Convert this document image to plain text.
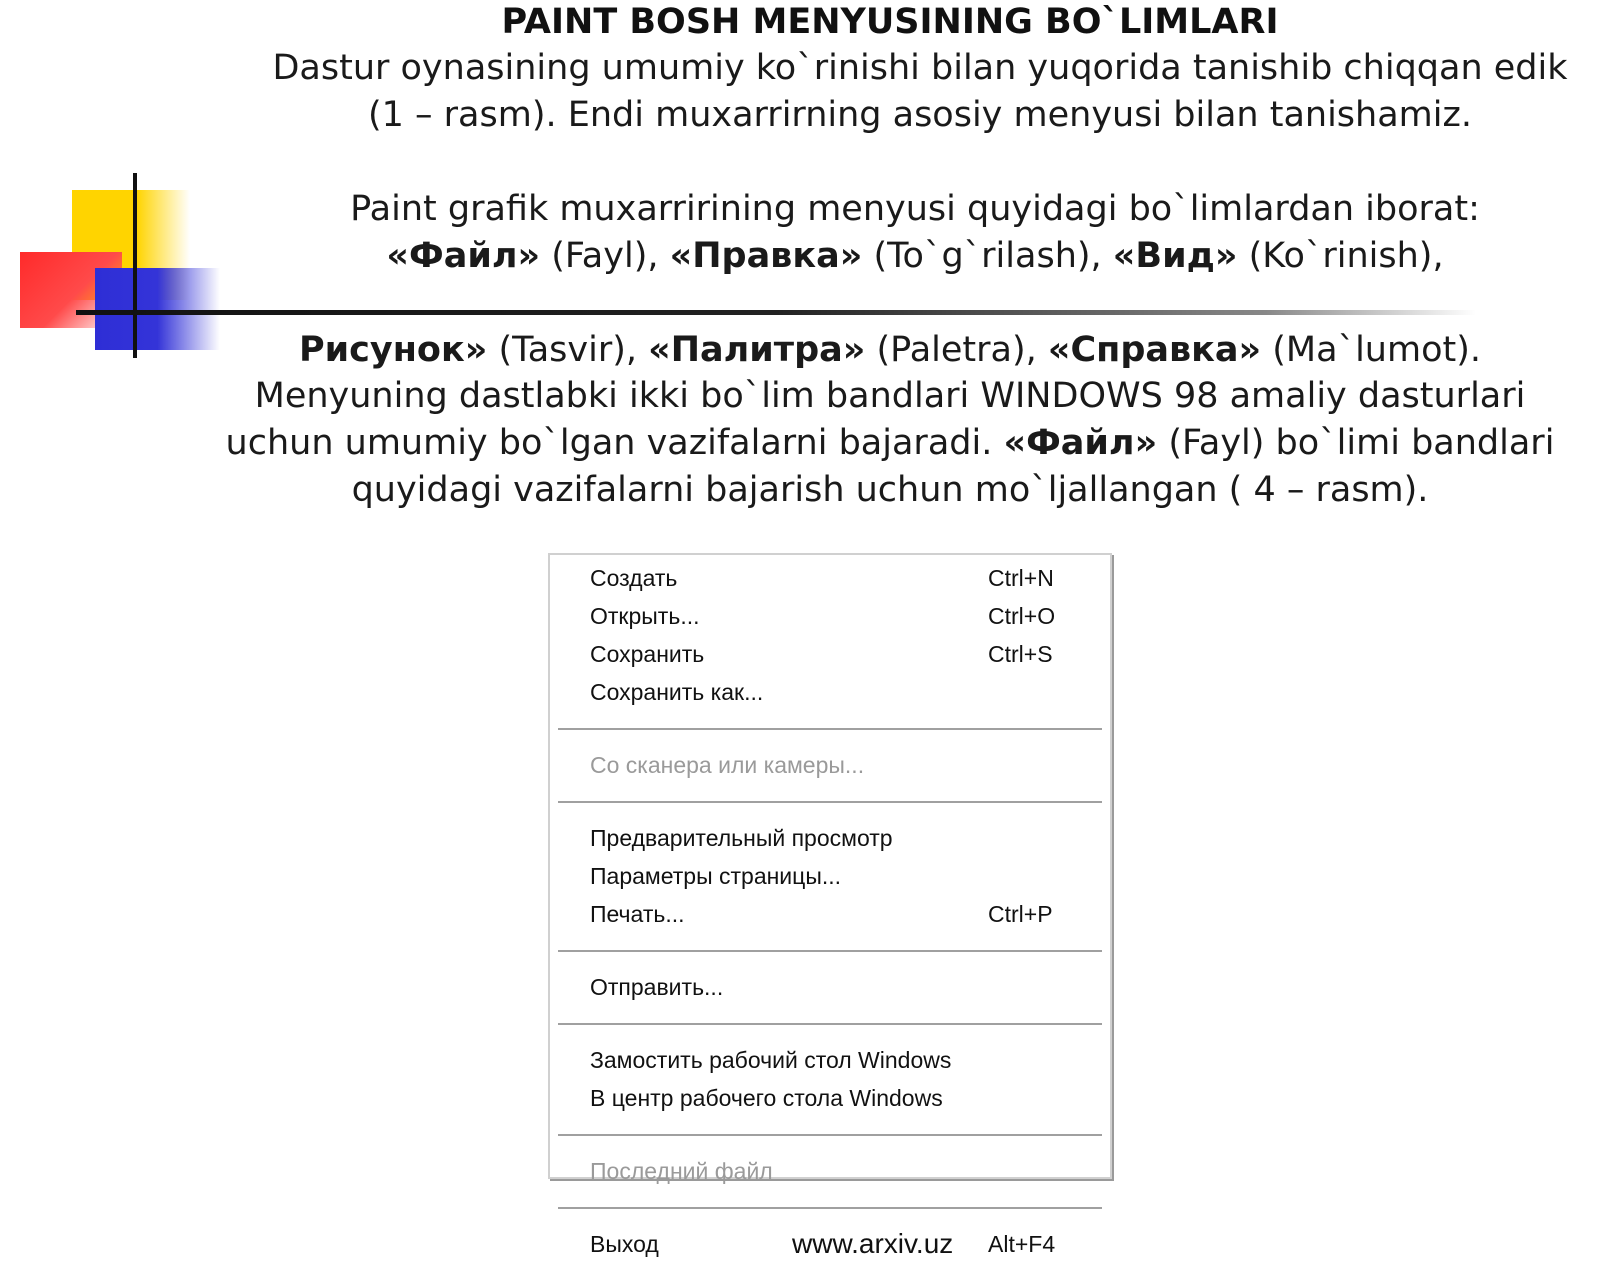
PAINT BOSH MENYUSINING BO`LIMLARI
Dastur oynasining umumiy ko`rinishi bilan yuqorida tanishib chiqqan edik (1 – rasm). Endi muxarrirning asosiy menyusi bilan tanishamiz.
Paint grafik muxarririning menyusi quyidagi bo`limlardan iborat:
«Файл» (Fayl), «Правка» (To`g`rilash), «Вид» (Ko`rinish),
Рисунок» (Tasvir), «Палитра» (Paletra), «Справка» (Ma`lumot).
Menyuning dastlabki ikki bo`lim bandlari WINDOWS 98 amaliy dasturlari uchun umumiy bo`lgan vazifalarni bajaradi. «Файл» (Fayl) bo`limi bandlari quyidagi vazifalarni bajarish uchun mo`ljallangan ( 4 – rasm).
Создать	Ctrl+N
Открыть...	Ctrl+O
Сохранить	Ctrl+S
Сохранить как...
Со сканера или камеры...
Предварительный просмотр
Параметры страницы...
Печать...	Ctrl+P
Отправить...
Замостить рабочий стол Windows
В центр рабочего стола Windows
Последний файл
Выход	www.arxiv.uz Alt+F4
